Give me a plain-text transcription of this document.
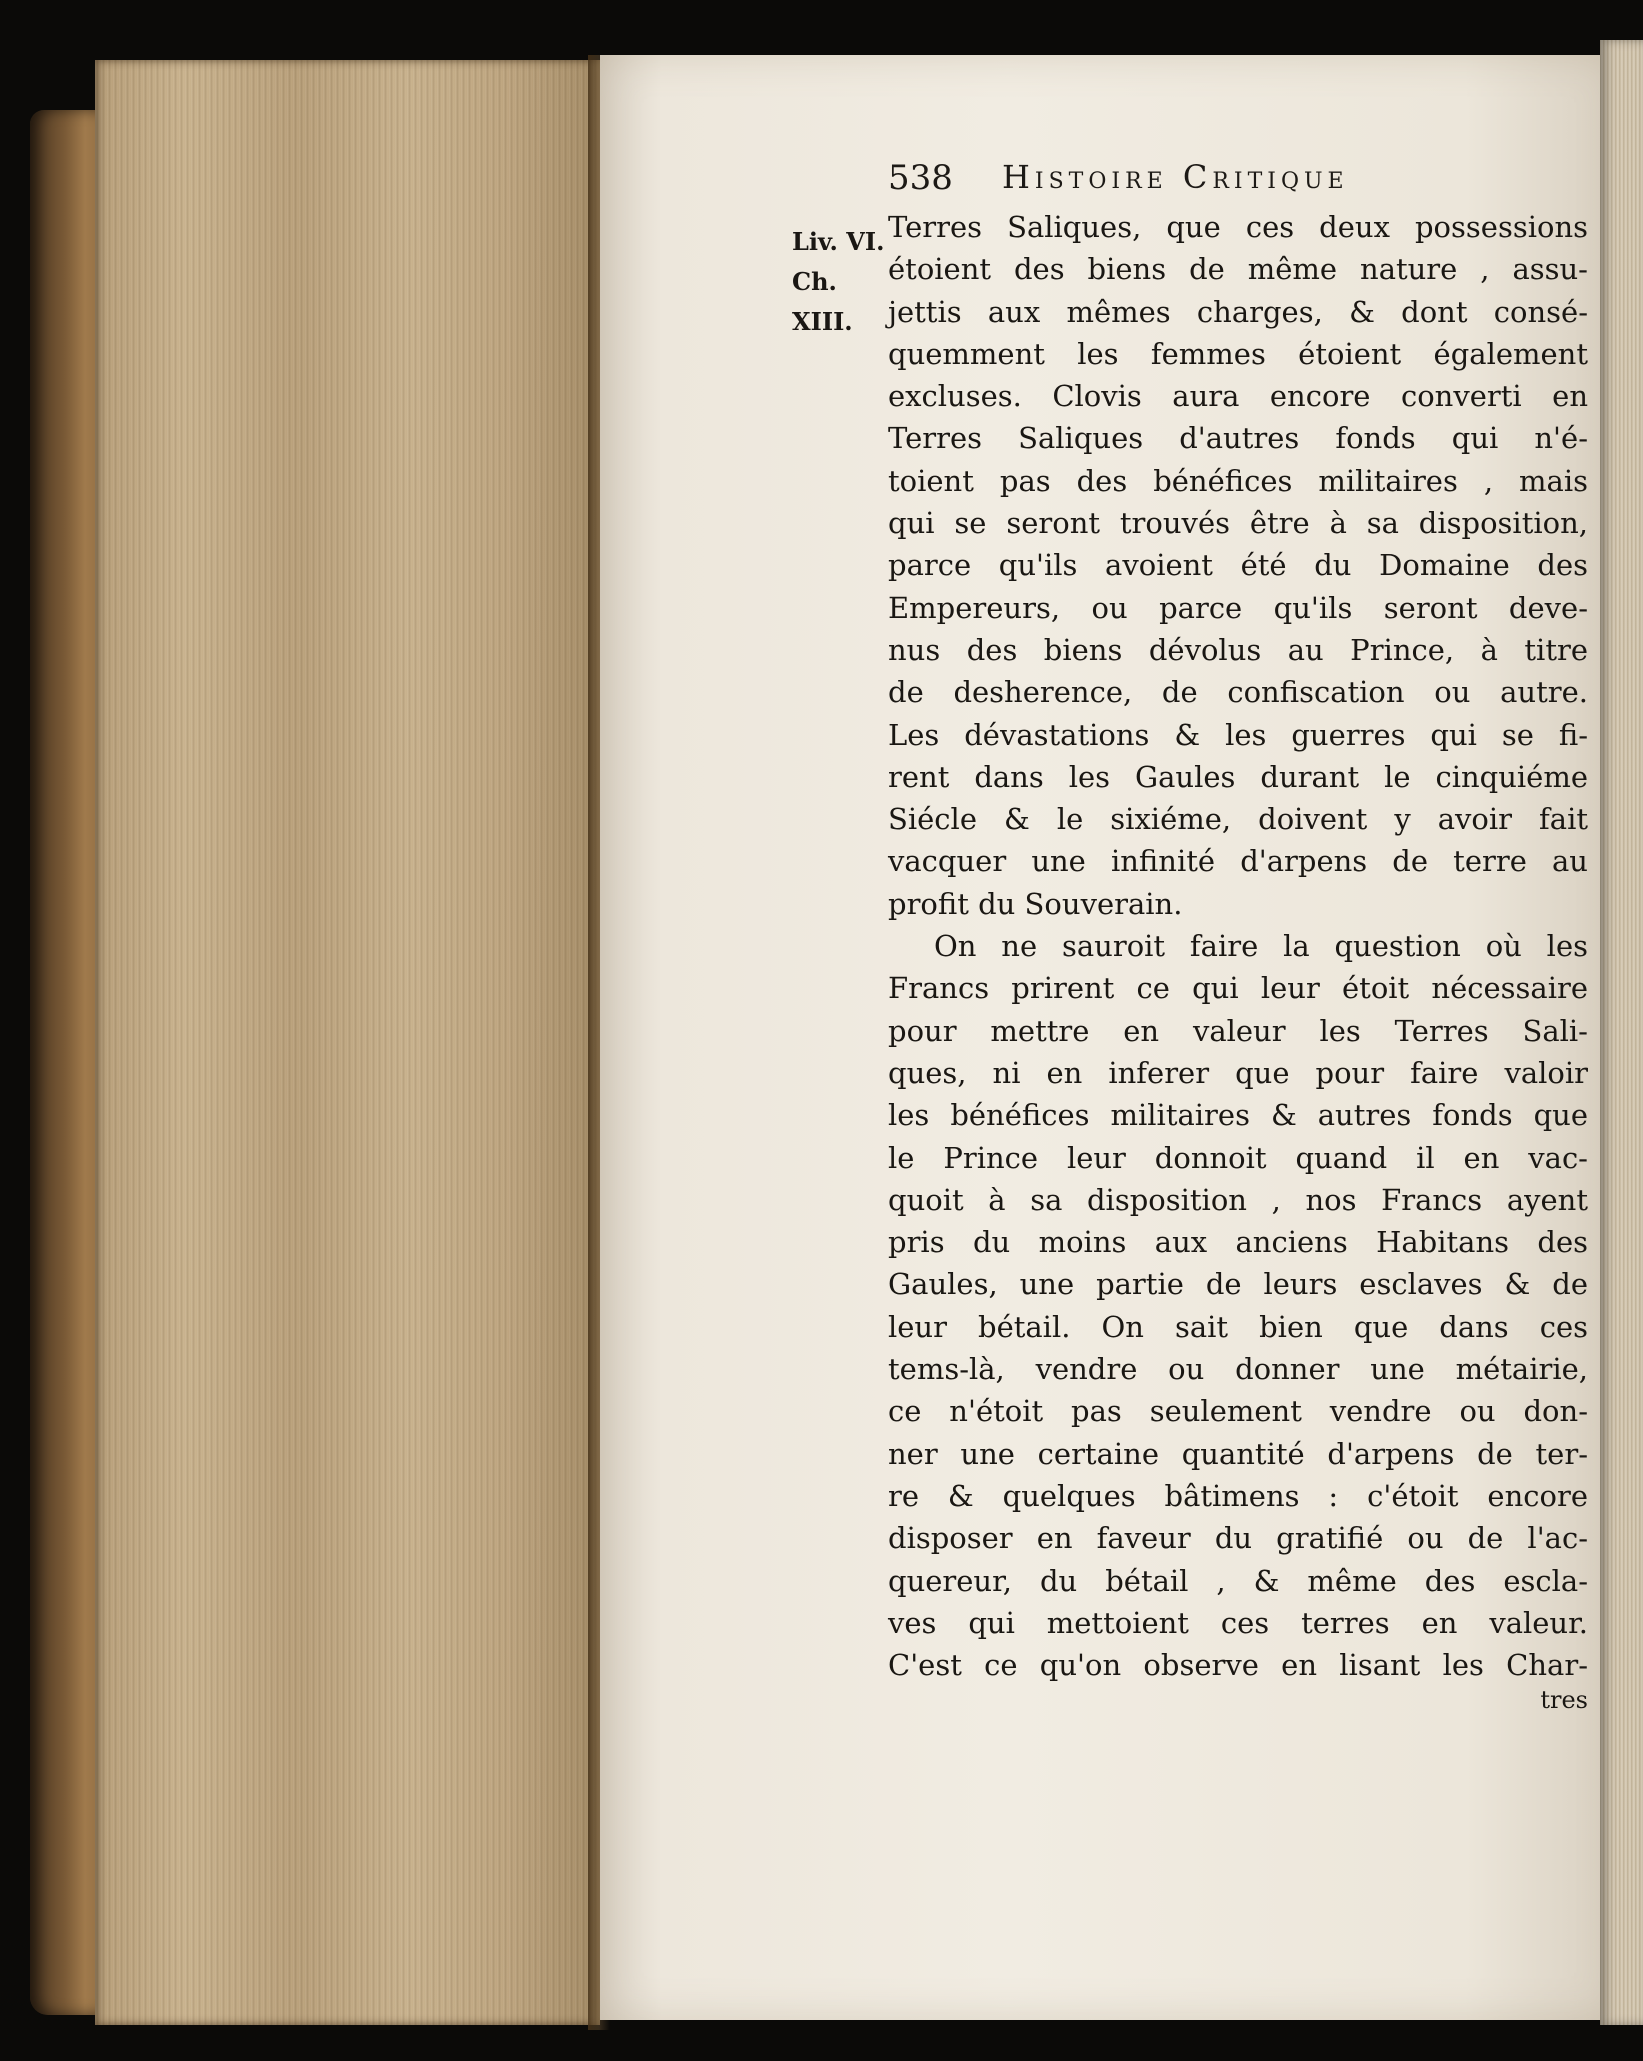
Liv. VI.
Ch. XIII.
538 Histoire Critique
Terres Saliques, que ces deux possessions
étoient des biens de même nature , assu-
jettis aux mêmes charges, & dont consé-
quemment les femmes étoient également
excluses. Clovis aura encore converti en
Terres Saliques d'autres fonds qui n'é-
toient pas des bénéfices militaires , mais
qui se seront trouvés être à sa disposition,
parce qu'ils avoient été du Domaine des
Empereurs, ou parce qu'ils seront deve-
nus des biens dévolus au Prince, à titre
de desherence, de confiscation ou autre.
Les dévastations & les guerres qui se fi-
rent dans les Gaules durant le cinquiéme
Siécle & le sixiéme, doivent y avoir fait
vacquer une infinité d'arpens de terre au
profit du Souverain.
On ne sauroit faire la question où les
Francs prirent ce qui leur étoit nécessaire
pour mettre en valeur les Terres Sali-
ques, ni en inferer que pour faire valoir
les bénéfices militaires & autres fonds que
le Prince leur donnoit quand il en vac-
quoit à sa disposition , nos Francs ayent
pris du moins aux anciens Habitans des
Gaules, une partie de leurs esclaves & de
leur bétail. On sait bien que dans ces
tems-là, vendre ou donner une métairie,
ce n'étoit pas seulement vendre ou don-
ner une certaine quantité d'arpens de ter-
re & quelques bâtimens : c'étoit encore
disposer en faveur du gratifié ou de l'ac-
quereur, du bétail , & même des escla-
ves qui mettoient ces terres en valeur.
C'est ce qu'on observe en lisant les Char-
tres
